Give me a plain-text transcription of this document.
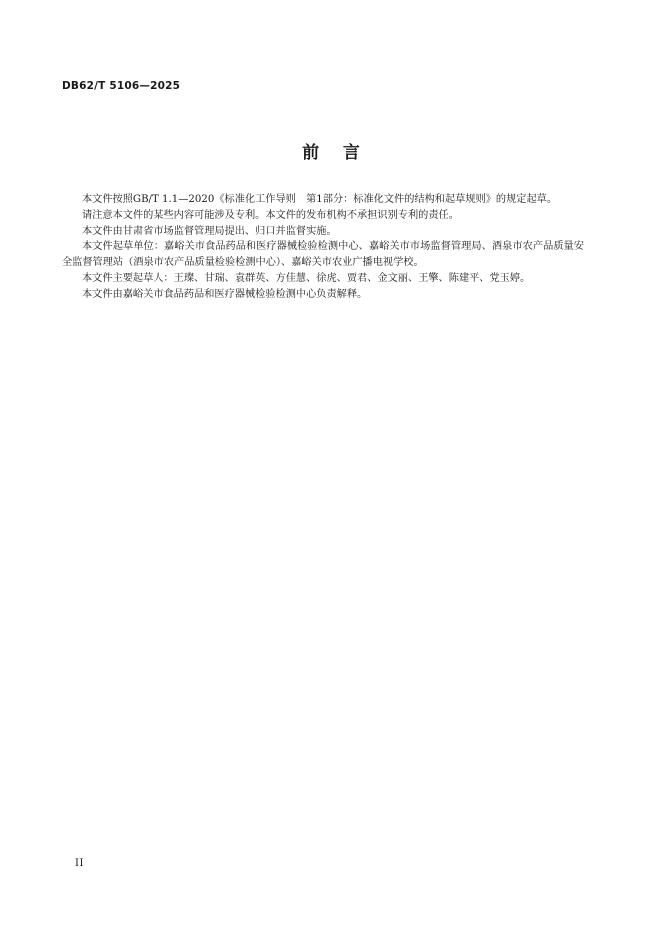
DB62/T 5106—2025
前    言

本文件按照GB/T 1.1—2020《标准化工作导则　第1部分：标准化文件的结构和起草规则》的规定起草。

请注意本文件的某些内容可能涉及专利。本文件的发布机构不承担识别专利的责任。

本文件由甘肃省市场监督管理局提出、归口并监督实施。

本文件起草单位：嘉峪关市食品药品和医疗器械检验检测中心、嘉峪关市市场监督管理局、酒泉市农产品质量安全监督管理站（酒泉市农产品质量检验检测中心）、嘉峪关市农业广播电视学校。

本文件主要起草人：王璨、甘瑞、袁群英、方佳慧、徐虎、贾君、金文丽、王擎、陈建平、党玉婷。

本文件由嘉峪关市食品药品和医疗器械检验检测中心负责解释。

II
